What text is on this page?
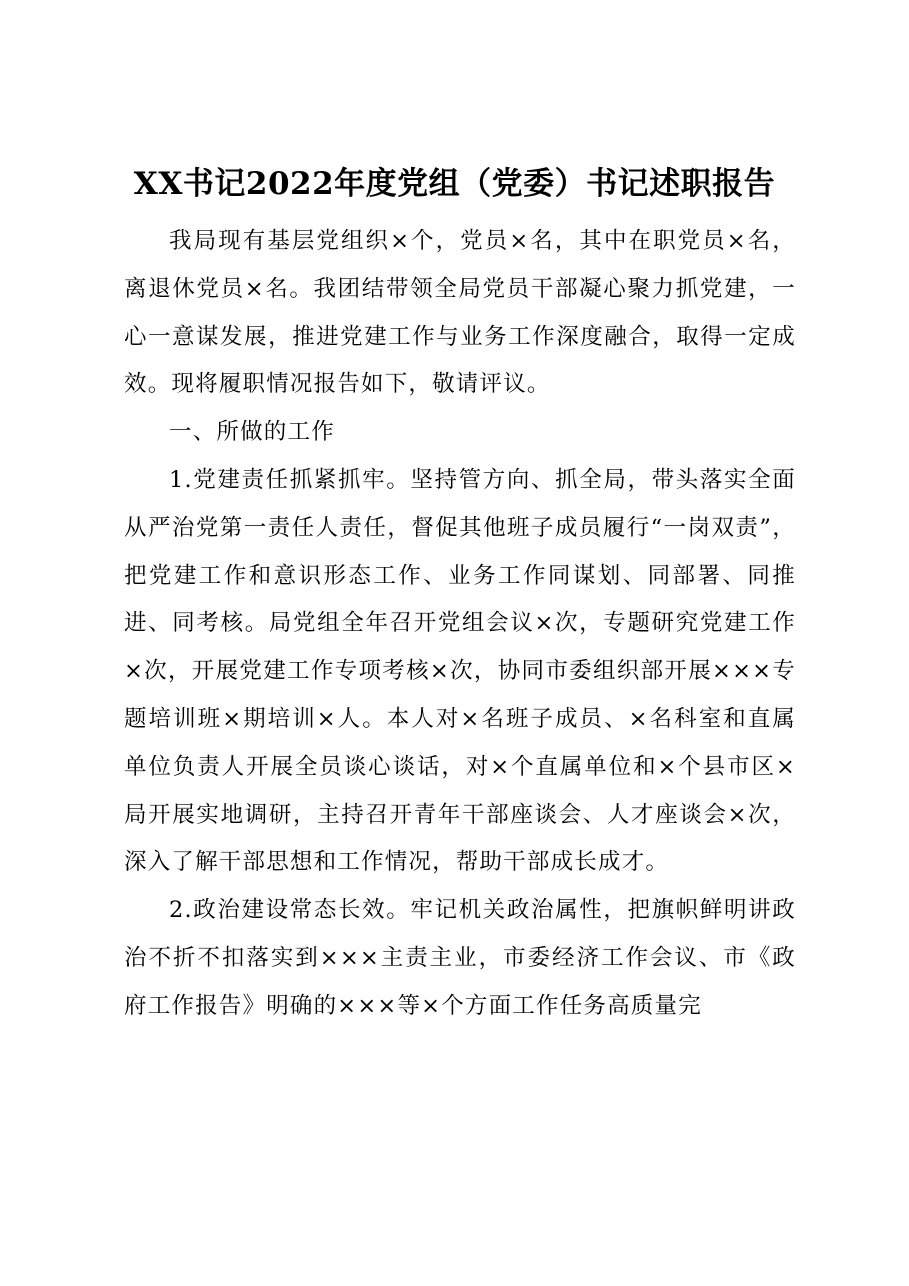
XX书记2022年度党组（党委）书记述职报告

我局现有基层党组织×个，党员×名，其中在职党员×名，离退休党员×名。我团结带领全局党员干部凝心聚力抓党建，一心一意谋发展，推进党建工作与业务工作深度融合，取得一定成效。现将履职情况报告如下，敬请评议。

一、所做的工作

1.党建责任抓紧抓牢。坚持管方向、抓全局，带头落实全面从严治党第一责任人责任，督促其他班子成员履行“一岗双责”，把党建工作和意识形态工作、业务工作同谋划、同部署、同推进、同考核。局党组全年召开党组会议×次，专题研究党建工作×次，开展党建工作专项考核×次，协同市委组织部开展×××专题培训班×期培训×人。本人对×名班子成员、×名科室和直属单位负责人开展全员谈心谈话，对×个直属单位和×个县市区×局开展实地调研，主持召开青年干部座谈会、人才座谈会×次，深入了解干部思想和工作情况，帮助干部成长成才。

2.政治建设常态长效。牢记机关政治属性，把旗帜鲜明讲政治不折不扣落实到×××主责主业，市委经济工作会议、市《政府工作报告》明确的×××等×个方面工作任务高质量完
